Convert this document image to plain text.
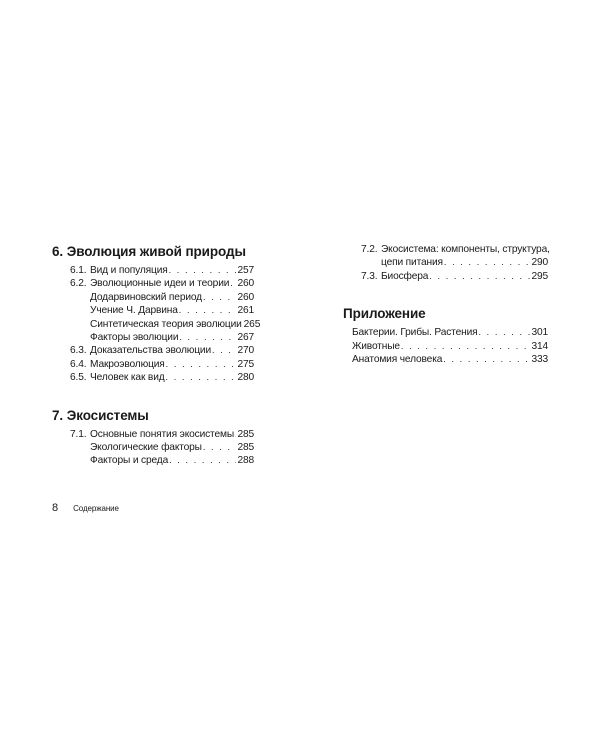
6. Эволюция живой природы
6.1. Вид и популяция . . .	257
6.2. Эволюционные идеи и теории . . . 260
Додарвиновский период . . .	260
Учение Ч. Дарвина . . .	261
Синтетическая теория эволюции 265
Факторы эволюции . . .	267
6.3. Доказательства эволюции . . .	270
6.4. Макроэволюция . . .	275
6.5. Человек как вид . . .	280
7. Экосистемы
7.1. Основные понятия экосистемы . . . 285
Экологические факторы . . .	285
Факторы и среда . . .	288
7.2. Экосистема: компоненты, структура,
цепи питания . . .	290
7.3. Биосфера . . .	295
Приложение
Бактерии. Грибы. Растения . . .	301
Животные . . .	314
Анатомия человека . . .	333
8 Содержание
